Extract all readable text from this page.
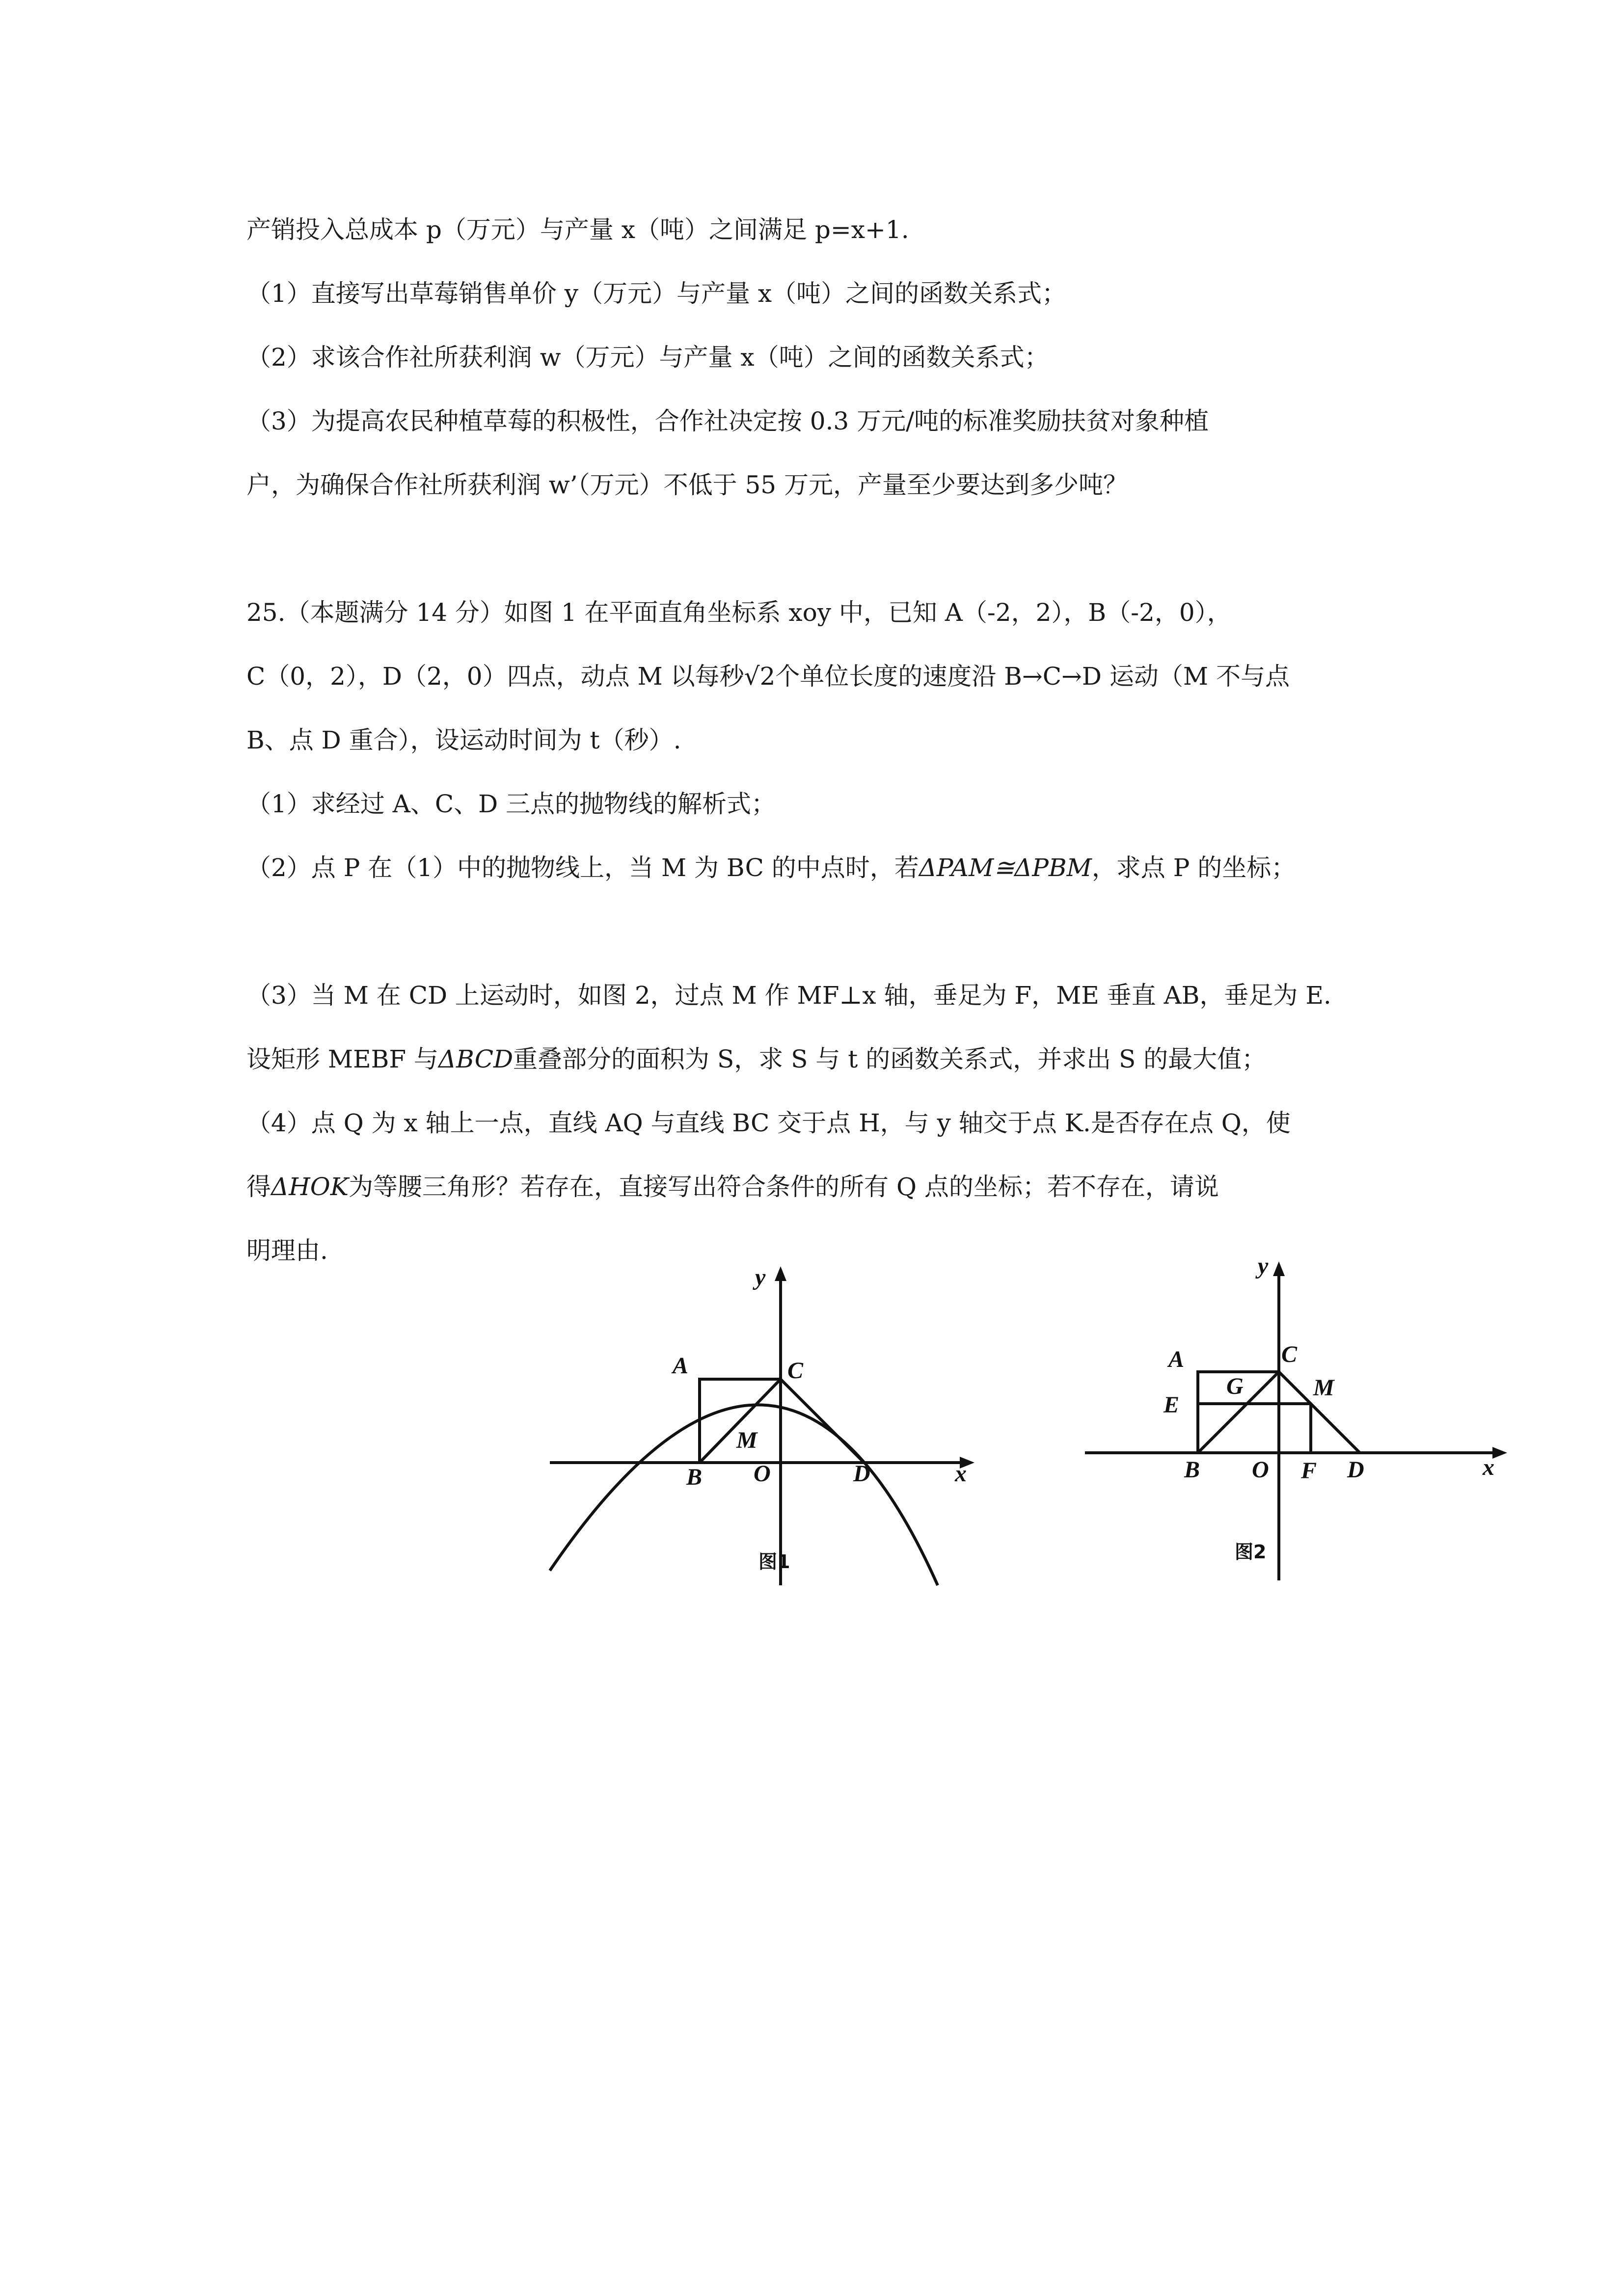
产销投入总成本 p（万元）与产量 x（吨）之间满足 p=x+1.
（1）直接写出草莓销售单价 y（万元）与产量 x（吨）之间的函数关系式；
（2）求该合作社所获利润 w（万元）与产量 x（吨）之间的函数关系式；
（3）为提高农民种植草莓的积极性，合作社决定按 0.3 万元/吨的标准奖励扶贫对象种植
户，为确保合作社所获利润 w’（万元）不低于 55 万元，产量至少要达到多少吨？
25.（本题满分 14 分）如图 1 在平面直角坐标系 xoy 中，已知 A（-2，2），B（-2，0），
C（0，2），D（2，0）四点，动点 M 以每秒√2个单位长度的速度沿 B→C→D 运动（M 不与点
B、点 D 重合），设运动时间为 t（秒）.
（1）求经过 A、C、D 三点的抛物线的解析式；
（2）点 P 在（1）中的抛物线上，当 M 为 BC 的中点时，若ΔPAM≅ΔPBM，求点 P 的坐标；
（3）当 M 在 CD 上运动时，如图 2，过点 M 作 MF⊥x 轴，垂足为 F，ME 垂直 AB，垂足为 E.
设矩形 MEBF 与ΔBCD重叠部分的面积为 S，求 S 与 t 的函数关系式，并求出 S 的最大值；
（4）点 Q 为 x 轴上一点，直线 AQ 与直线 BC 交于点 H，与 y 轴交于点 K.是否存在点 Q，使
得ΔHOK为等腰三角形？若存在，直接写出符合条件的所有 Q 点的坐标；若不存在，请说
明理由.
y
x
A
B
C
D
O
M
图1
y
x
A
E
B
C
G	M
O F D
图2
